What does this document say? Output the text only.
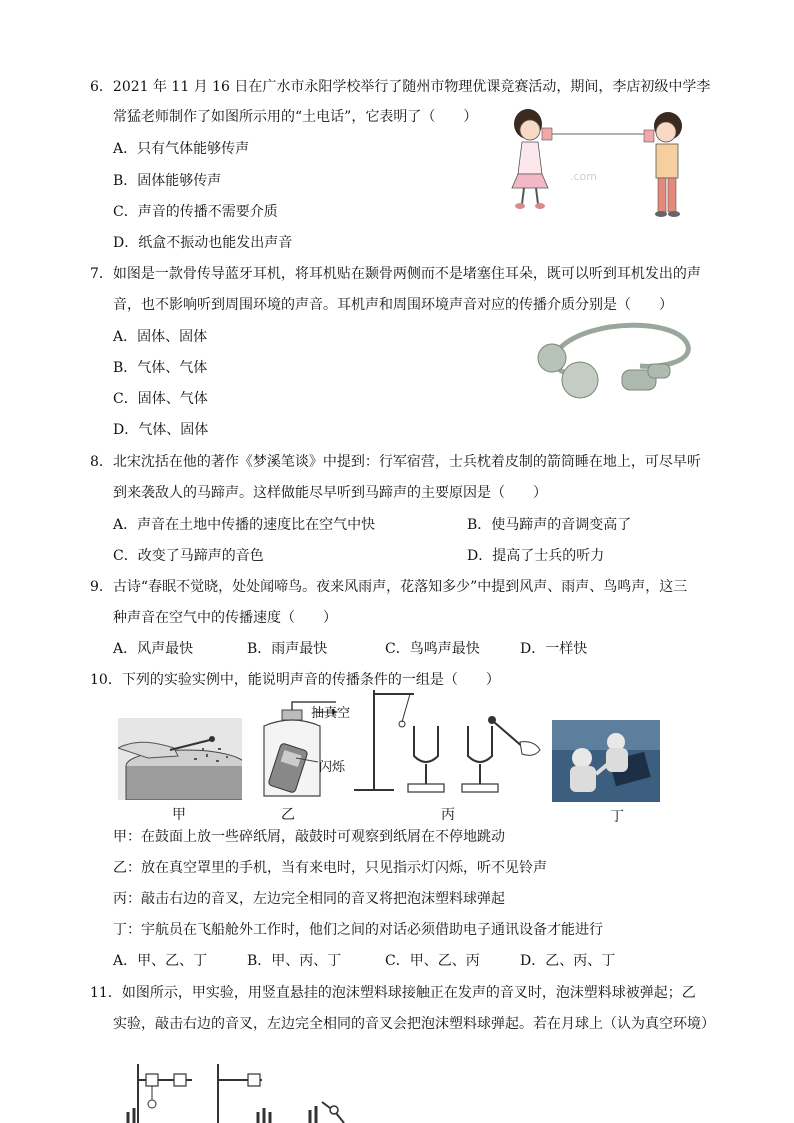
6．2021 年 11 月 16 日在广水市永阳学校举行了随州市物理优课竞赛活动，期间，李店初级中学李
常猛老师制作了如图所示用的“土电话”，它表明了（　　）
A．只有气体能够传声
B．固体能够传声
C．声音的传播不需要介质
D．纸盒不振动也能发出声音
.com
7．如图是一款骨传导蓝牙耳机，将耳机贴在颞骨两侧而不是堵塞住耳朵，既可以听到耳机发出的声
音，也不影响听到周围环境的声音。耳机声和周围环境声音对应的传播介质分别是（　　）
A．固体、固体
B．气体、气体
C．固体、气体
D．气体、固体
8．北宋沈括在他的著作《梦溪笔谈》中提到：行军宿营，士兵枕着皮制的箭筒睡在地上，可尽早听
到来袭敌人的马蹄声。这样做能尽早听到马蹄声的主要原因是（　　）
A．声音在土地中传播的速度比在空气中快	B．使马蹄声的音调变高了
C．改变了马蹄声的音色	D．提高了士兵的听力
9．古诗“春眠不觉晓，处处闻啼鸟。夜来风雨声，花落知多少”中提到风声、雨声、鸟鸣声，这三
种声音在空气中的传播速度（　　）
A．风声最快	B．雨声最快	C．鸟鸣声最快	D．一样快
10．下列的实验实例中，能说明声音的传播条件的一组是（　　）
甲
抽真空
闪烁
乙	丙	丁
甲：在鼓面上放一些碎纸屑，敲鼓时可观察到纸屑在不停地跳动
乙：放在真空罩里的手机，当有来电时，只见指示灯闪烁，听不见铃声
丙：敲击右边的音叉，左边完全相同的音叉将把泡沫塑料球弹起
丁：宇航员在飞船舱外工作时，他们之间的对话必须借助电子通讯设备才能进行
A．甲、乙、丁	B．甲、丙、丁	C．甲、乙、丙	D．乙、丙、丁
11．如图所示，甲实验，用竖直悬挂的泡沫塑料球接触正在发声的音叉时，泡沫塑料球被弹起；乙
实验，敲击右边的音叉，左边完全相同的音叉会把泡沫塑料球弹起。若在月球上（认为真空环境）
